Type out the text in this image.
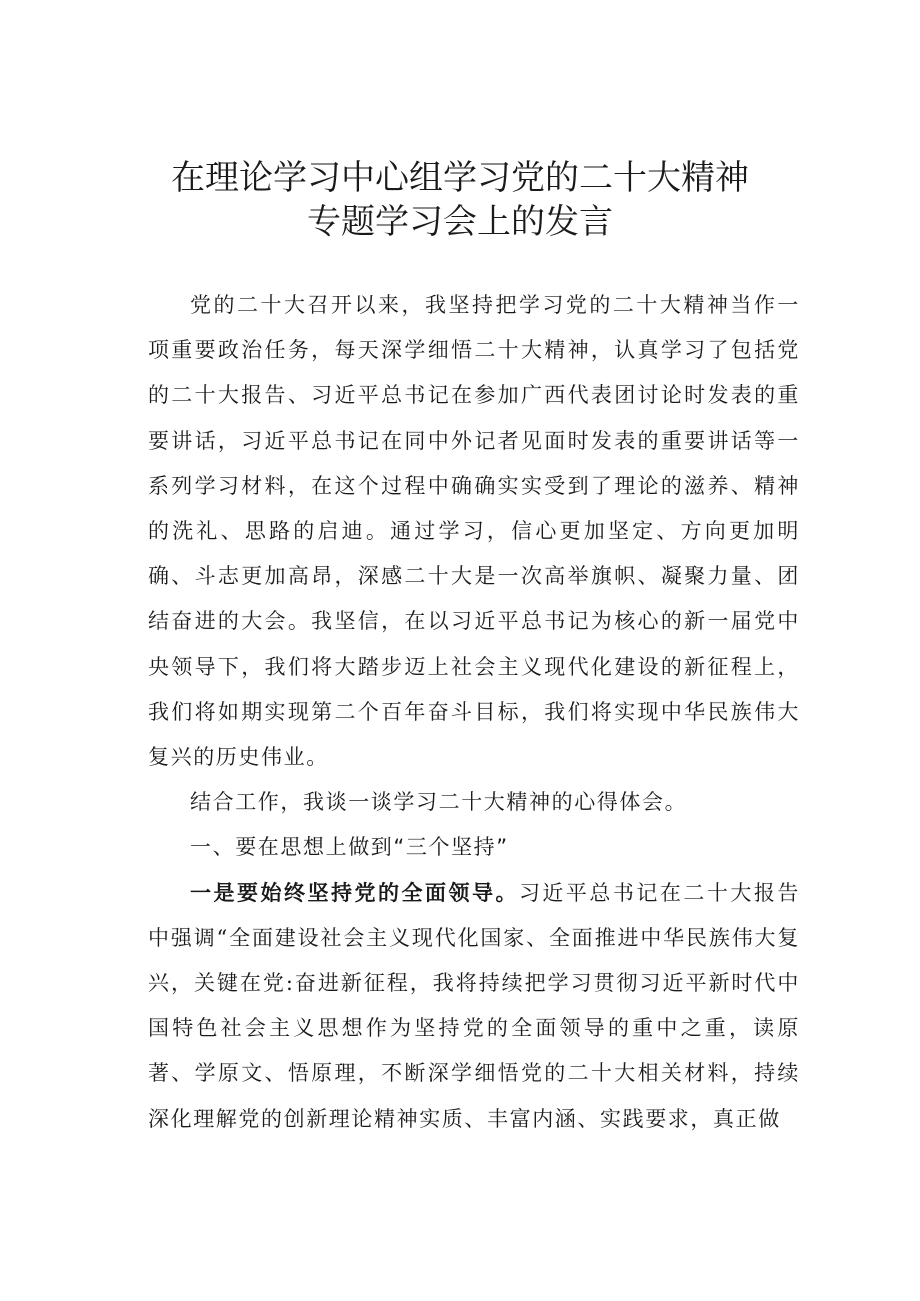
在理论学习中心组学习党的二十大精神
专题学习会上的发言

党的二十大召开以来，我坚持把学习党的二十大精神当作一项重要政治任务，每天深学细悟二十大精神，认真学习了包括党的二十大报告、习近平总书记在参加广西代表团讨论时发表的重要讲话，习近平总书记在同中外记者见面时发表的重要讲话等一系列学习材料，在这个过程中确确实实受到了理论的滋养、精神的洗礼、思路的启迪。通过学习，信心更加坚定、方向更加明确、斗志更加高昂，深感二十大是一次高举旗帜、凝聚力量、团结奋进的大会。我坚信，在以习近平总书记为核心的新一届党中央领导下，我们将大踏步迈上社会主义现代化建设的新征程上，我们将如期实现第二个百年奋斗目标，我们将实现中华民族伟大复兴的历史伟业。

结合工作，我谈一谈学习二十大精神的心得体会。

一、要在思想上做到“三个坚持”

一是要始终坚持党的全面领导。习近平总书记在二十大报告中强调“全面建设社会主义现代化国家、全面推进中华民族伟大复兴，关键在党:奋进新征程，我将持续把学习贯彻习近平新时代中国特色社会主义思想作为坚持党的全面领导的重中之重，读原著、学原文、悟原理，不断深学细悟党的二十大相关材料，持续深化理解党的创新理论精神实质、丰富内涵、实践要求，真正做
